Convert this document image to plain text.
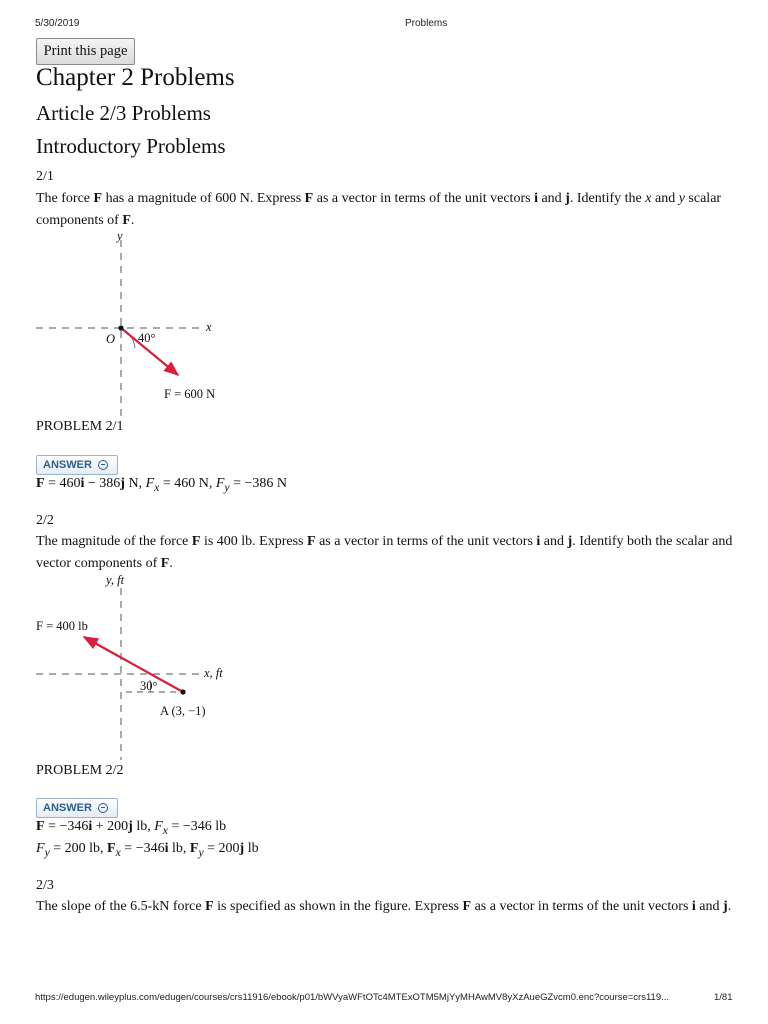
5/30/2019	Problems
Print this page
Chapter 2 Problems
Article 2/3 Problems
Introductory Problems
2/1
The force F has a magnitude of 600 N. Express F as a vector in terms of the unit vectors i and j. Identify the x and y scalar components of F.
y
x
O 40°
F = 600 N
PROBLEM 2/1
ANSWER
F = 460i − 386j N, $F_x = 460$ N, $F_y = -386$ N
2/2
The magnitude of the force F is 400 lb. Express F as a vector in terms of the unit vectors i and j. Identify both the scalar and vector components of F.
y, ft
x, ft
F = 400 lb
30°
A (3, −1)
PROBLEM 2/2
ANSWER
F = −346i + 200j lb, $F_x = -346$ lb
$F_y = 200$ lb, $F_x = -346i$ lb, $F_y = 200j$ lb
2/3
The slope of the 6.5-kN force F is specified as shown in the figure. Express F as a vector in terms of the unit vectors i and j.
https://edugen.wileyplus.com/edugen/courses/crs11916/ebook/p01/bWVyaWFtOTc4MTExOTM5MjYyMHAwMV8yXzAueGZvcm0.enc?course=crs119...	1/81
